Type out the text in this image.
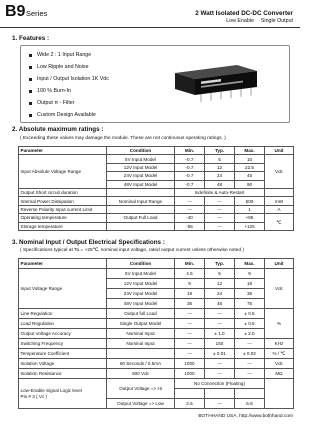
B9 Series	2 Watt Isolated DC-DC Converter
Low Enable Single Output
1. Features :
Wide 2 : 1 Input Range
Low Ripple and Noise
Input / Output Isolation 1K Vdc
100 % Burn-In
Output π - Filter
Custom Design Available
2. Absolute maximum ratings :
( Exceeding these values may damage the module. These are not continuous operating ratings. )
Parameter	Condition	Min.	Typ.	Max.	Unit
Input Absolute Voltage Range	5V Input Model	-0.7	5	10	Vdc
	12V Input Model	-0.7	12	22.5	
	24V Input Model	-0.7	24	45	
	48V Input Model	-0.7	48	90	
Output Short circuit duration		Indefinite & Auto-Restart			
Internal Power Dissipation	Nominal Input Range	---	---	500	mW
Reverse Polarity Input current Limit		---	---	1	A
Operating temperature	Output Full Load	-40	---	+85	℃
Storage temperature		-55	---	+125	
3. Nominal Input / Output Electrical Specifications :
( Specifications typical at Ta = +25℃, nominal input voltage, rated output current unless otherwise noted )
Parameter	Condition	Min.	Typ.	Max.	Unit
Input Voltage Range	5V Input Model	4.5	5	9	Vdc
	12V Input Model	9	12	18	
	24V Input Model	18	24	36	
	48V Input Model	36	48	75	
Line Regulation	Output full Load	---	---	± 0.5	%
Load Regulation	Single Output Model	---	---	± 0.5	
Output Voltage Accuracy	Nominal Input	---	± 1.0	± 2.0	
Switching Frequency	Nominal Input	---	150	---	KHz
Temperature Coefficient		---	± 0.01	± 0.02	% / ℃
Isolation Voltage	60 Seconds / 0.5mA	1000	---	---	Vdc
Isolation Resistance	500 Vdc	1000	---	---	MΩ
Low-Enable Signal Logic level
Pin # 3 ( Vc )	Output Voltage => Hi	No Connection (Floating)			

	Output Voltage => Low	2.5	---	5.6	
BOTHHAND USA, http://www.bothhand.com
